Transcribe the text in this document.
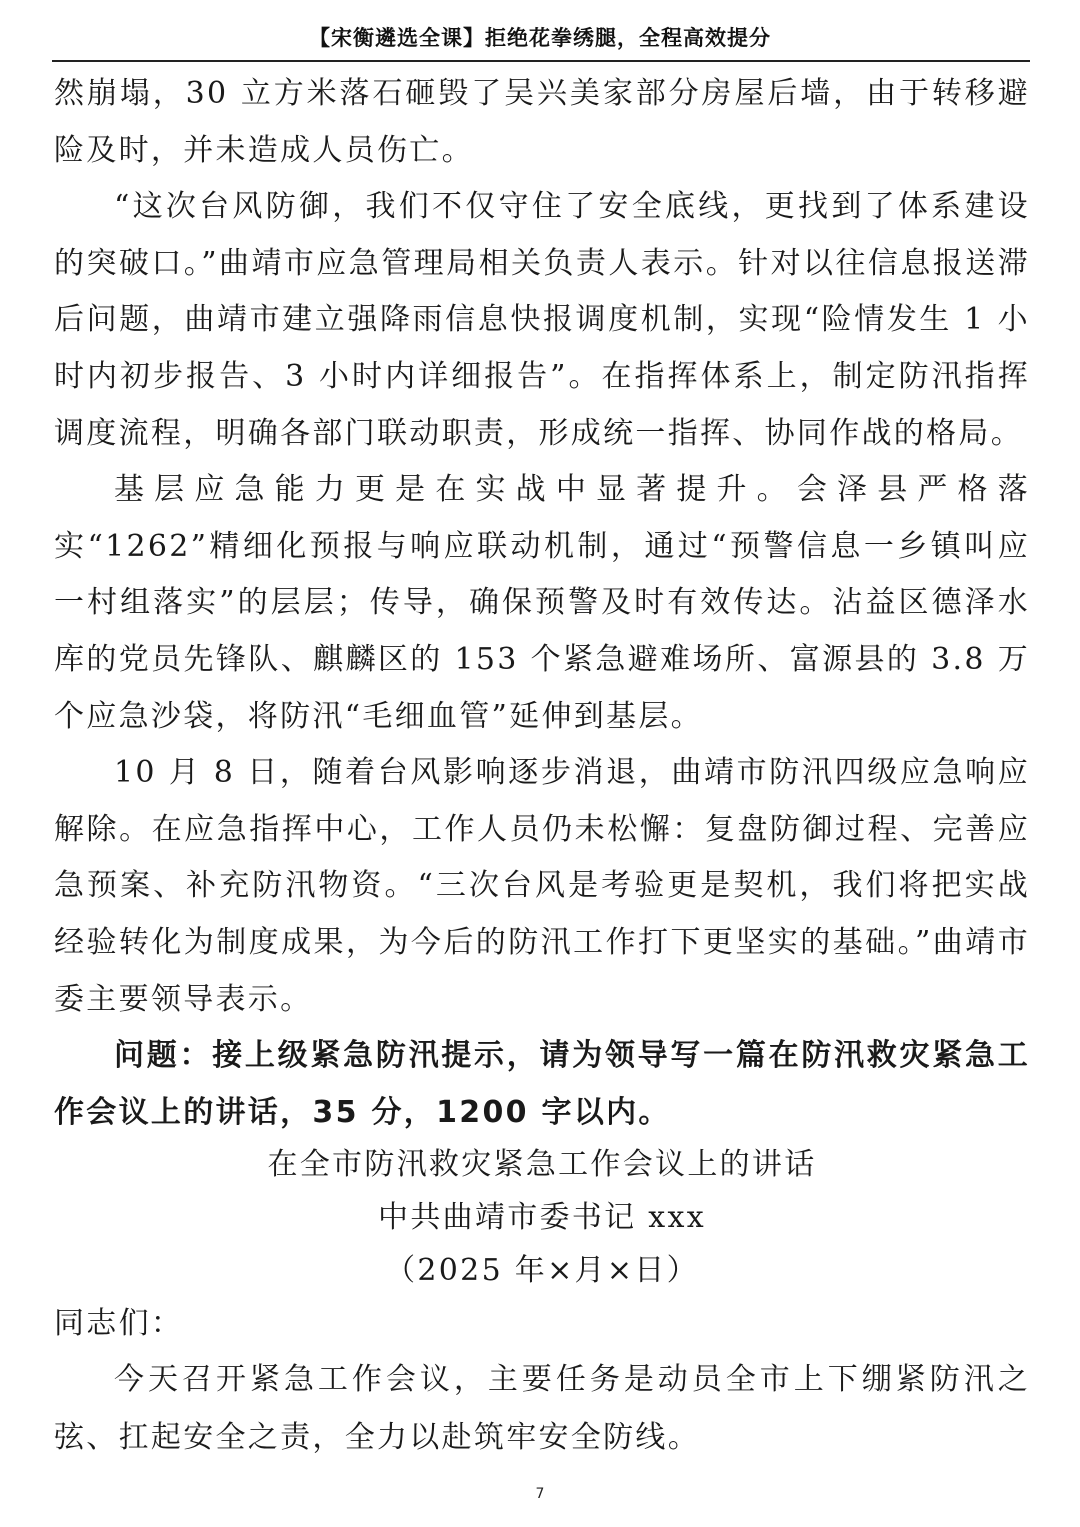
【宋衡遴选全课】拒绝花拳绣腿，全程高效提分

然崩塌，30 立方米落石砸毁了吴兴美家部分房屋后墙，由于转移避险及时，并未造成人员伤亡。

“这次台风防御，我们不仅守住了安全底线，更找到了体系建设的突破口。”曲靖市应急管理局相关负责人表示。针对以往信息报送滞后问题，曲靖市建立强降雨信息快报调度机制，实现“险情发生 1 小时内初步报告、3 小时内详细报告”。在指挥体系上，制定防汛指挥调度流程，明确各部门联动职责，形成统一指挥、协同作战的格局。

基层应急能力更是在实战中显著提升。会泽县严格落实“1262”精细化预报与响应联动机制，通过“预警信息一乡镇叫应一村组落实”的层层；传导，确保预警及时有效传达。沾益区德泽水库的党员先锋队、麒麟区的 153 个紧急避难场所、富源县的 3.8 万个应急沙袋，将防汛“毛细血管”延伸到基层。

10 月 8 日，随着台风影响逐步消退，曲靖市防汛四级应急响应解除。在应急指挥中心，工作人员仍未松懈：复盘防御过程、完善应急预案、补充防汛物资。“三次台风是考验更是契机，我们将把实战经验转化为制度成果，为今后的防汛工作打下更坚实的基础。”曲靖市委主要领导表示。

问题：接上级紧急防汛提示，请为领导写一篇在防汛救灾紧急工作会议上的讲话，35 分，1200 字以内。

在全市防汛救灾紧急工作会议上的讲话

中共曲靖市委书记 xxx

（2025 年×月×日）

同志们：

今天召开紧急工作会议，主要任务是动员全市上下绷紧防汛之弦、扛起安全之责，全力以赴筑牢安全防线。

7
